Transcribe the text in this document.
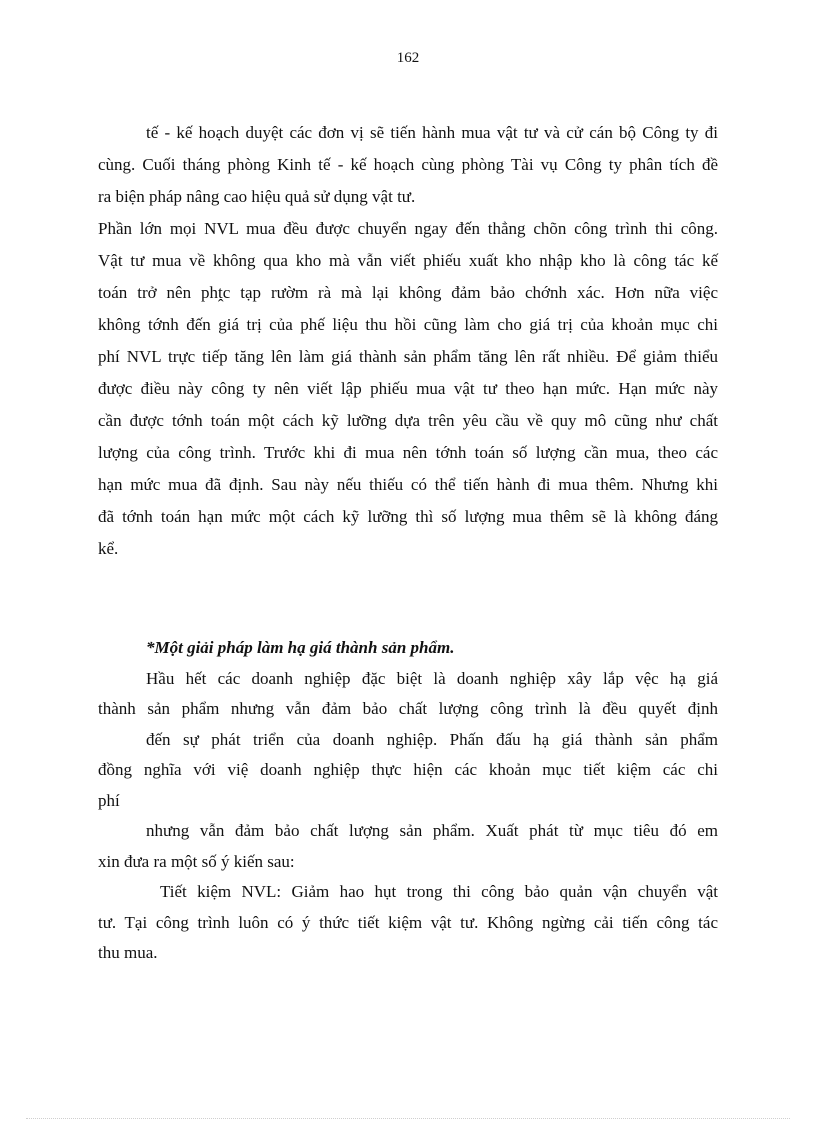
162
tế - kế hoạch duyệt các đơn vị sẽ tiến hành mua vật tư và cử cán bộ Công ty đi
cùng. Cuối tháng phòng Kinh tế - kế hoạch cùng phòng Tài vụ Công ty phân tích đề
ra biện pháp nâng cao hiệu quả sử dụng vật tư.
Phần lớn mọi NVL mua đều được chuyển ngay đến thẳng chõn công trình thi công.
Vật tư mua về không qua kho mà vẫn viết phiếu xuất kho nhập kho là công tác kế
toán trở nên phṱc tạp rườm rà mà lại không đảm bảo chớnh xác. Hơn nữa việc
không tớnh đến giá trị của phế liệu thu hồi cũng làm cho giá trị của khoản mục chi
phí NVL trực tiếp tăng lên làm giá thành sản phẩm tăng lên rất nhiều. Để giảm thiểu
được điều này công ty nên viết lập phiếu mua vật tư theo hạn mức. Hạn mức này
cần được tớnh toán một cách kỹ lưỡng dựa trên yêu cầu về quy mô cũng như chất
lượng của công trình. Trước khi đi mua nên tớnh toán số lượng cần mua, theo các
hạn mức mua đã định. Sau này nếu thiếu có thể tiến hành đi mua thêm. Nhưng khi
đã tớnh toán hạn mức một cách kỹ lưỡng thì số lượng mua thêm sẽ là không đáng
kể.
*Một giải pháp làm hạ giá thành sản phẩm.
Hầu hết các doanh nghiệp đặc biệt là doanh nghiệp xây lắp vệc hạ giá
thành sản phẩm nhưng vẫn đảm bảo chất lượng công trình là đều quyết định
đến sự phát triển của doanh nghiệp. Phấn đấu hạ giá thành sản phẩm
đồng nghĩa với việ doanh nghiệp thực hiện các khoản mục tiết kiệm các chi
phí
nhưng vẫn đảm bảo chất lượng sản phẩm. Xuất phát từ mục tiêu đó em
xin đưa ra một số ý kiến sau:
Tiết kiệm NVL: Giảm hao hụt trong thi công bảo quản vận chuyển vật
tư. Tại công trình luôn có ý thức tiết kiệm vật tư. Không ngừng cải tiến công tác
thu mua.
